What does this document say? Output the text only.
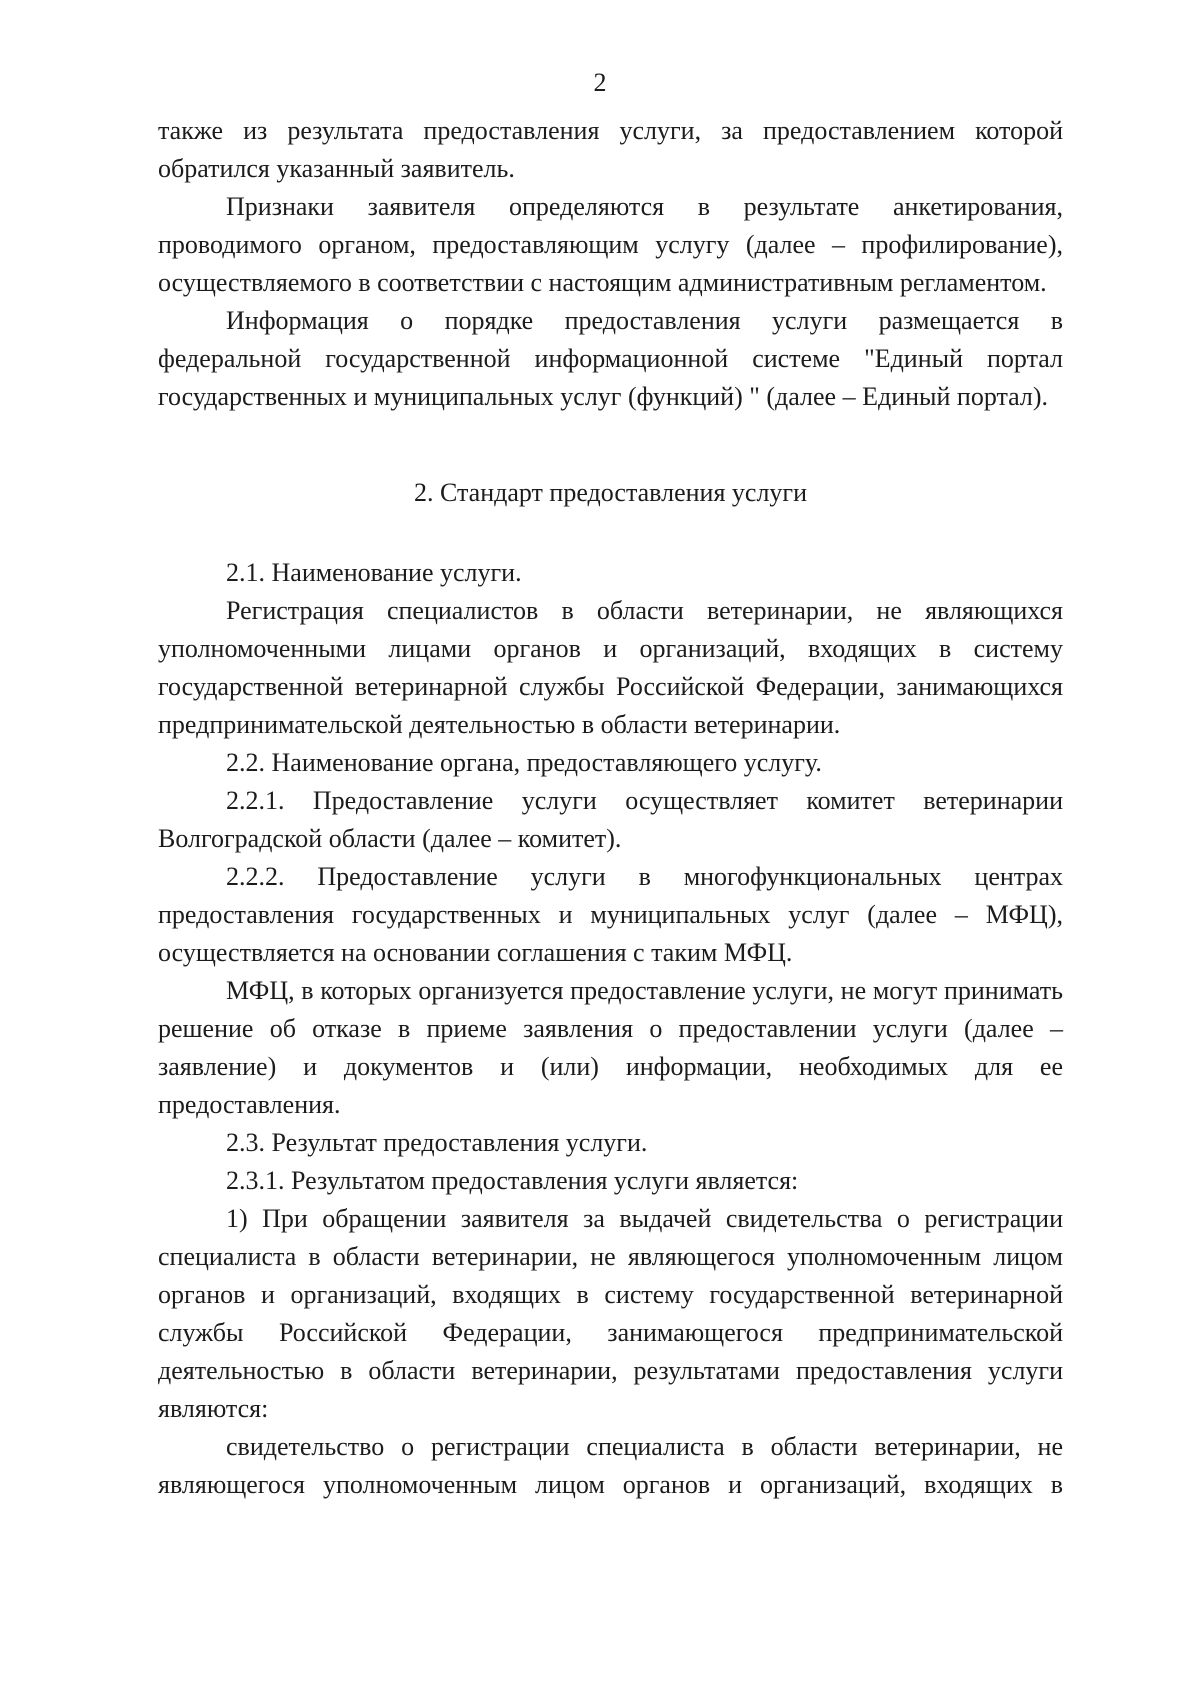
2

также из результата предоставления услуги, за предоставлением которой обратился указанный заявитель.

Признаки заявителя определяются в результате анкетирования, проводимого органом, предоставляющим услугу (далее – профилирование), осуществляемого в соответствии с настоящим административным регламентом.

Информация о порядке предоставления услуги размещается в федеральной государственной информационной системе "Единый портал государственных и муниципальных услуг (функций) " (далее – Единый портал).

2. Стандарт предоставления услуги

2.1. Наименование услуги.

Регистрация специалистов в области ветеринарии, не являющихся уполномоченными лицами органов и организаций, входящих в систему государственной ветеринарной службы Российской Федерации, занимающихся предпринимательской деятельностью в области ветеринарии.

2.2. Наименование органа, предоставляющего услугу.

2.2.1. Предоставление услуги осуществляет комитет ветеринарии Волгоградской области (далее – комитет).

2.2.2. Предоставление услуги в многофункциональных центрах предоставления государственных и муниципальных услуг (далее – МФЦ), осуществляется на основании соглашения с таким МФЦ.

МФЦ, в которых организуется предоставление услуги, не могут принимать решение об отказе в приеме заявления о предоставлении услуги (далее – заявление) и документов и (или) информации, необходимых для ее предоставления.

2.3. Результат предоставления услуги.

2.3.1. Результатом предоставления услуги является:

1) При обращении заявителя за выдачей свидетельства о регистрации специалиста в области ветеринарии, не являющегося уполномоченным лицом органов и организаций, входящих в систему государственной ветеринарной службы Российской Федерации, занимающегося предпринимательской деятельностью в области ветеринарии, результатами предоставления услуги являются:

свидетельство о регистрации специалиста в области ветеринарии, не являющегося уполномоченным лицом органов и организаций, входящих в
